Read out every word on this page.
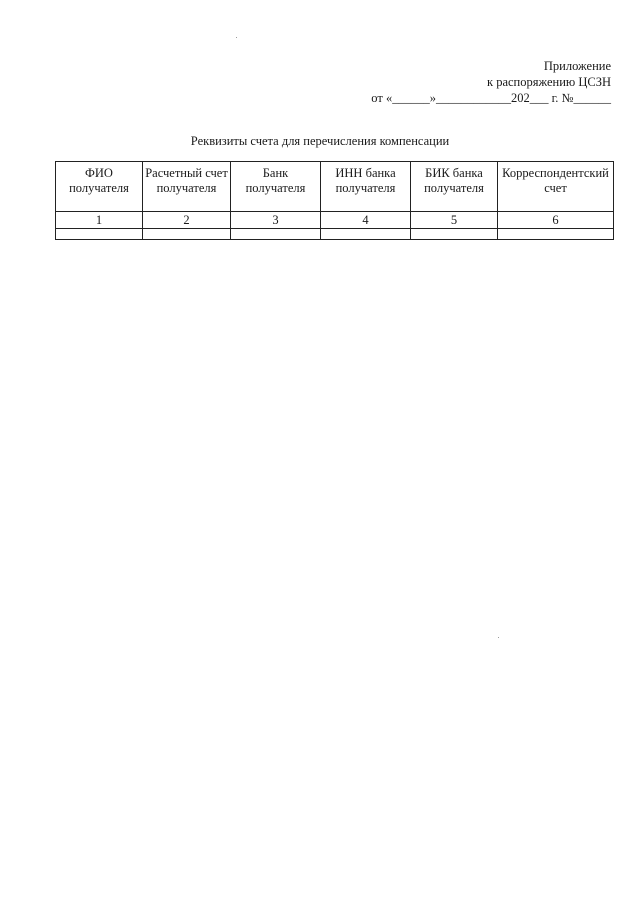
Приложение
к распоряжению ЦСЗН
от «______»____________202___ г. №______
Реквизиты счета для перечисления компенсации
ФИО получателя	Расчетный счет получателя	Банк получателя	ИНН банка получателя	БИК банка получателя	Корреспондентский счет
1	2	3	4	5	6
